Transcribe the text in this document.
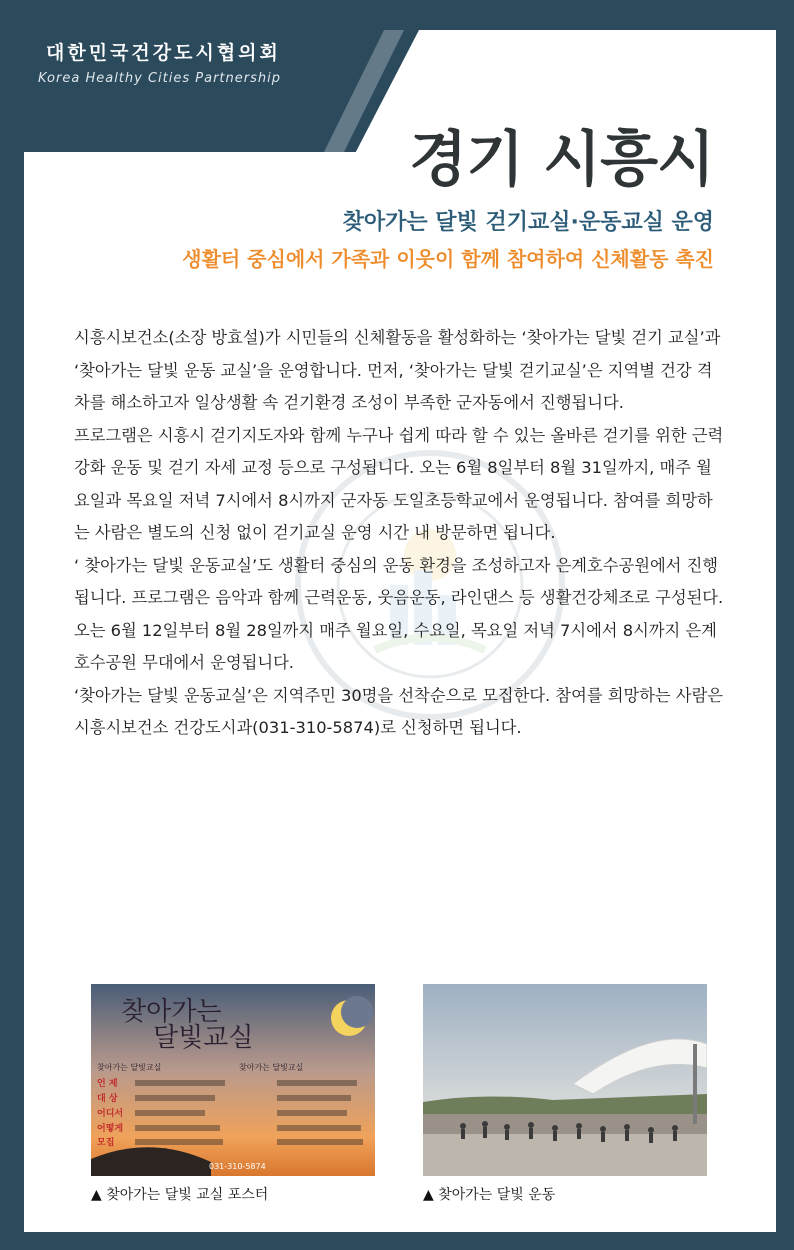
대한민국건강도시협의회
Korea Healthy Cities Partnership
경기 시흥시
찾아가는 달빛 걷기교실·운동교실 운영
생활터 중심에서 가족과 이웃이 함께 참여하여 신체활동 촉진

시흥시보건소(소장 방효설)가 시민들의 신체활동을 활성화하는 ‘찾아가는 달빛 걷기 교실’과 ‘찾아가는 달빛 운동 교실’을 운영합니다. 먼저, ‘찾아가는 달빛 걷기교실’은 지역별 건강 격차를 해소하고자 일상생활 속 걷기환경 조성이 부족한 군자동에서 진행됩니다.

프로그램은 시흥시 걷기지도자와 함께 누구나 쉽게 따라 할 수 있는 올바른 걷기를 위한 근력강화 운동 및 걷기 자세 교정 등으로 구성됩니다. 오는 6월 8일부터 8월 31일까지, 매주 월요일과 목요일 저녁 7시에서 8시까지 군자동 도일초등학교에서 운영됩니다. 참여를 희망하는 사람은 별도의 신청 없이 걷기교실 운영 시간 내 방문하면 됩니다.

‘ 찾아가는 달빛 운동교실’도 생활터 중심의 운동 환경을 조성하고자 은계호수공원에서 진행됩니다. 프로그램은 음악과 함께 근력운동, 웃음운동, 라인댄스 등 생활건강체조로 구성된다. 오는 6월 12일부터 8월 28일까지 매주 월요일, 수요일, 목요일 저녁 7시에서 8시까지 은계호수공원 무대에서 운영됩니다.

‘찾아가는 달빛 운동교실’은 지역주민 30명을 선착순으로 모집한다. 참여를 희망하는 사람은 시흥시보건소 건강도시과(031-310-5874)로 신청하면 됩니다.

찾아가는
달빛교실
찾아가는 달빛교실	찾아가는 달빛교실
언 제
대 상
어디서
어떻게
모집
031-310-5874
▲ 찾아가는 달빛 교실 포스터	▲ 찾아가는 달빛 운동
